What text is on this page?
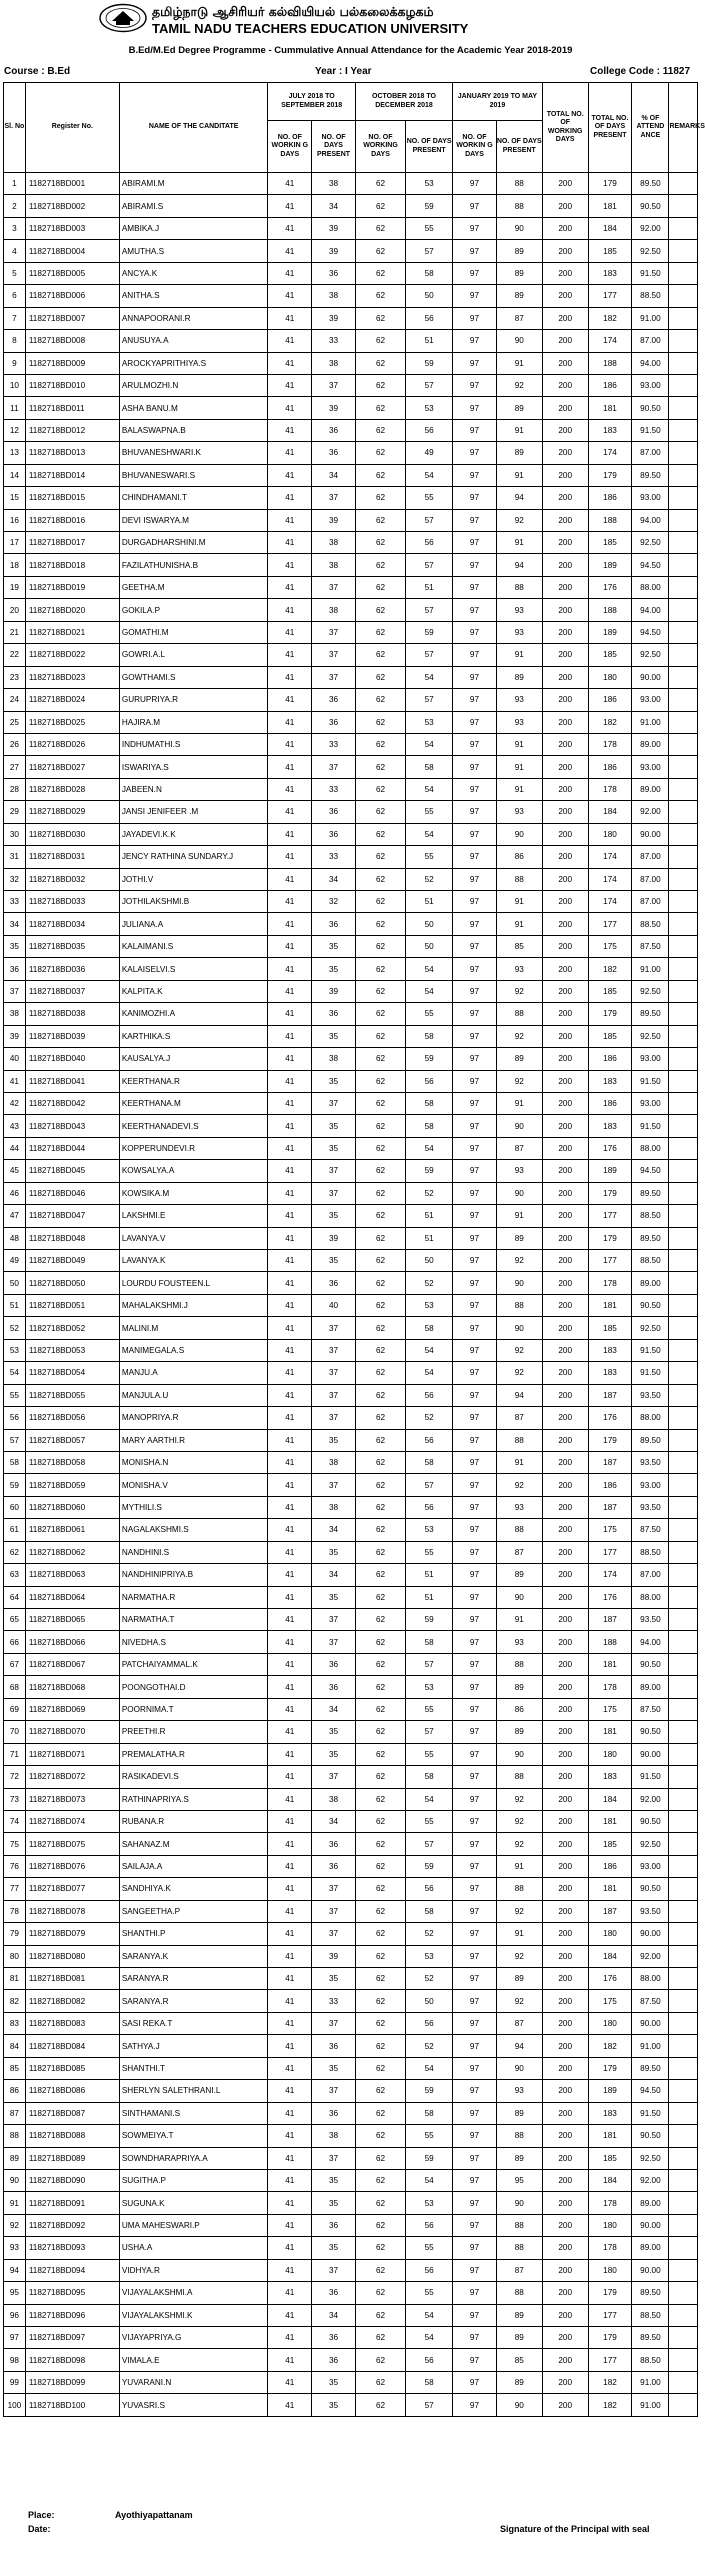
தமிழ்நாடு ஆசிரியர் கல்வியியல் பல்கலைக்கழகம்
TAMIL NADU TEACHERS EDUCATION UNIVERSITY
B.Ed/M.Ed Degree Programme - Cummulative Annual Attendance for the Academic Year 2018-2019
Course : B.Ed	Year : I Year	College Code : 11827
Sl. No	Register No.	NAME OF THE CANDITATE	JULY 2018 TO SEPTEMBER 2018		OCTOBER 2018 TO DECEMBER 2018		JANUARY 2019 TO MAY 2019		TOTAL NO. OF WORKING DAYS	TOTAL NO. OF DAYS PRESENT	% OF ATTEND ANCE	REMARKS
			NO. OF WORKIN G DAYS	NO. OF DAYS PRESENT	NO. OF WORKING DAYS	NO. OF DAYS PRESENT	NO. OF WORKIN G DAYS	NO. OF DAYS PRESENT				
1	1182718BD001	ABIRAMI.M	41	38	62	53	97	88	200	179	89.50	
2	1182718BD002	ABIRAMI.S	41	34	62	59	97	88	200	181	90.50	
3	1182718BD003	AMBIKA.J	41	39	62	55	97	90	200	184	92.00	
4	1182718BD004	AMUTHA.S	41	39	62	57	97	89	200	185	92.50	
5	1182718BD005	ANCYA.K	41	36	62	58	97	89	200	183	91.50	
6	1182718BD006	ANITHA.S	41	38	62	50	97	89	200	177	88.50	
7	1182718BD007	ANNAPOORANI.R	41	39	62	56	97	87	200	182	91.00	
8	1182718BD008	ANUSUYA.A	41	33	62	51	97	90	200	174	87.00	
9	1182718BD009	AROCKYAPRITHIYA.S	41	38	62	59	97	91	200	188	94.00	
10	1182718BD010	ARULMOZHI.N	41	37	62	57	97	92	200	186	93.00	
11	1182718BD011	ASHA BANU.M	41	39	62	53	97	89	200	181	90.50	
12	1182718BD012	BALASWAPNA.B	41	36	62	56	97	91	200	183	91.50	
13	1182718BD013	BHUVANESHWARI.K	41	36	62	49	97	89	200	174	87.00	
14	1182718BD014	BHUVANESWARI.S	41	34	62	54	97	91	200	179	89.50	
15	1182718BD015	CHINDHAMANI.T	41	37	62	55	97	94	200	186	93.00	
16	1182718BD016	DEVI ISWARYA.M	41	39	62	57	97	92	200	188	94.00	
17	1182718BD017	DURGADHARSHINI.M	41	38	62	56	97	91	200	185	92.50	
18	1182718BD018	FAZILATHUNISHA.B	41	38	62	57	97	94	200	189	94.50	
19	1182718BD019	GEETHA.M	41	37	62	51	97	88	200	176	88.00	
20	1182718BD020	GOKILA.P	41	38	62	57	97	93	200	188	94.00	
21	1182718BD021	GOMATHI.M	41	37	62	59	97	93	200	189	94.50	
22	1182718BD022	GOWRI.A.L	41	37	62	57	97	91	200	185	92.50	
23	1182718BD023	GOWTHAMI.S	41	37	62	54	97	89	200	180	90.00	
24	1182718BD024	GURUPRIYA.R	41	36	62	57	97	93	200	186	93.00	
25	1182718BD025	HAJIRA.M	41	36	62	53	97	93	200	182	91.00	
26	1182718BD026	INDHUMATHI.S	41	33	62	54	97	91	200	178	89.00	
27	1182718BD027	ISWARIYA.S	41	37	62	58	97	91	200	186	93.00	
28	1182718BD028	JABEEN.N	41	33	62	54	97	91	200	178	89.00	
29	1182718BD029	JANSI JENIFEER .M	41	36	62	55	97	93	200	184	92.00	
30	1182718BD030	JAYADEVI.K.K	41	36	62	54	97	90	200	180	90.00	
31	1182718BD031	JENCY RATHINA SUNDARY.J	41	33	62	55	97	86	200	174	87.00	
32	1182718BD032	JOTHI.V	41	34	62	52	97	88	200	174	87.00	
33	1182718BD033	JOTHILAKSHMI.B	41	32	62	51	97	91	200	174	87.00	
34	1182718BD034	JULIANA.A	41	36	62	50	97	91	200	177	88.50	
35	1182718BD035	KALAIMANI.S	41	35	62	50	97	85	200	175	87.50	
36	1182718BD036	KALAISELVI.S	41	35	62	54	97	93	200	182	91.00	
37	1182718BD037	KALPITA.K	41	39	62	54	97	92	200	185	92.50	
38	1182718BD038	KANIMOZHI.A	41	36	62	55	97	88	200	179	89.50	
39	1182718BD039	KARTHIKA.S	41	35	62	58	97	92	200	185	92.50	
40	1182718BD040	KAUSALYA.J	41	38	62	59	97	89	200	186	93.00	
41	1182718BD041	KEERTHANA.R	41	35	62	56	97	92	200	183	91.50	
42	1182718BD042	KEERTHANA.M	41	37	62	58	97	91	200	186	93.00	
43	1182718BD043	KEERTHANADEVI.S	41	35	62	58	97	90	200	183	91.50	
44	1182718BD044	KOPPERUNDEVI.R	41	35	62	54	97	87	200	176	88.00	
45	1182718BD045	KOWSALYA.A	41	37	62	59	97	93	200	189	94.50	
46	1182718BD046	KOWSIKA.M	41	37	62	52	97	90	200	179	89.50	
47	1182718BD047	LAKSHMI.E	41	35	62	51	97	91	200	177	88.50	
48	1182718BD048	LAVANYA.V	41	39	62	51	97	89	200	179	89.50	
49	1182718BD049	LAVANYA.K	41	35	62	50	97	92	200	177	88.50	
50	1182718BD050	LOURDU FOUSTEEN.L	41	36	62	52	97	90	200	178	89.00	
51	1182718BD051	MAHALAKSHMI.J	41	40	62	53	97	88	200	181	90.50	
52	1182718BD052	MALINI.M	41	37	62	58	97	90	200	185	92.50	
53	1182718BD053	MANIMEGALA.S	41	37	62	54	97	92	200	183	91.50	
54	1182718BD054	MANJU.A	41	37	62	54	97	92	200	183	91.50	
55	1182718BD055	MANJULA.U	41	37	62	56	97	94	200	187	93.50	
56	1182718BD056	MANOPRIYA.R	41	37	62	52	97	87	200	176	88.00	
57	1182718BD057	MARY AARTHI.R	41	35	62	56	97	88	200	179	89.50	
58	1182718BD058	MONISHA.N	41	38	62	58	97	91	200	187	93.50	
59	1182718BD059	MONISHA.V	41	37	62	57	97	92	200	186	93.00	
60	1182718BD060	MYTHILI.S	41	38	62	56	97	93	200	187	93.50	
61	1182718BD061	NAGALAKSHMI.S	41	34	62	53	97	88	200	175	87.50	
62	1182718BD062	NANDHINI.S	41	35	62	55	97	87	200	177	88.50	
63	1182718BD063	NANDHINIPRIYA.B	41	34	62	51	97	89	200	174	87.00	
64	1182718BD064	NARMATHA.R	41	35	62	51	97	90	200	176	88.00	
65	1182718BD065	NARMATHA.T	41	37	62	59	97	91	200	187	93.50	
66	1182718BD066	NIVEDHA.S	41	37	62	58	97	93	200	188	94.00	
67	1182718BD067	PATCHAIYAMMAL.K	41	36	62	57	97	88	200	181	90.50	
68	1182718BD068	POONGOTHAI.D	41	36	62	53	97	89	200	178	89.00	
69	1182718BD069	POORNIMA.T	41	34	62	55	97	86	200	175	87.50	
70	1182718BD070	PREETHI.R	41	35	62	57	97	89	200	181	90.50	
71	1182718BD071	PREMALATHA.R	41	35	62	55	97	90	200	180	90.00	
72	1182718BD072	RASIKADEVI.S	41	37	62	58	97	88	200	183	91.50	
73	1182718BD073	RATHINAPRIYA.S	41	38	62	54	97	92	200	184	92.00	
74	1182718BD074	RUBANA.R	41	34	62	55	97	92	200	181	90.50	
75	1182718BD075	SAHANAZ.M	41	36	62	57	97	92	200	185	92.50	
76	1182718BD076	SAILAJA.A	41	36	62	59	97	91	200	186	93.00	
77	1182718BD077	SANDHIYA.K	41	37	62	56	97	88	200	181	90.50	
78	1182718BD078	SANGEETHA.P	41	37	62	58	97	92	200	187	93.50	
79	1182718BD079	SHANTHI.P	41	37	62	52	97	91	200	180	90.00	
80	1182718BD080	SARANYA.K	41	39	62	53	97	92	200	184	92.00	
81	1182718BD081	SARANYA.R	41	35	62	52	97	89	200	176	88.00	
82	1182718BD082	SARANYA.R	41	33	62	50	97	92	200	175	87.50	
83	1182718BD083	SASI REKA.T	41	37	62	56	97	87	200	180	90.00	
84	1182718BD084	SATHYA.J	41	36	62	52	97	94	200	182	91.00	
85	1182718BD085	SHANTHI.T	41	35	62	54	97	90	200	179	89.50	
86	1182718BD086	SHERLYN SALETHRANI.L	41	37	62	59	97	93	200	189	94.50	
87	1182718BD087	SINTHAMANI.S	41	36	62	58	97	89	200	183	91.50	
88	1182718BD088	SOWMEIYA.T	41	38	62	55	97	88	200	181	90.50	
89	1182718BD089	SOWNDHARAPRIYA.A	41	37	62	59	97	89	200	185	92.50	
90	1182718BD090	SUGITHA.P	41	35	62	54	97	95	200	184	92.00	
91	1182718BD091	SUGUNA.K	41	35	62	53	97	90	200	178	89.00	
92	1182718BD092	UMA MAHESWARI.P	41	36	62	56	97	88	200	180	90.00	
93	1182718BD093	USHA.A	41	35	62	55	97	88	200	178	89.00	
94	1182718BD094	VIDHYA.R	41	37	62	56	97	87	200	180	90.00	
95	1182718BD095	VIJAYALAKSHMI.A	41	36	62	55	97	88	200	179	89.50	
96	1182718BD096	VIJAYALAKSHMI.K	41	34	62	54	97	89	200	177	88.50	
97	1182718BD097	VIJAYAPRIYA.G	41	36	62	54	97	89	200	179	89.50	
98	1182718BD098	VIMALA.E	41	36	62	56	97	85	200	177	88.50	
99	1182718BD099	YUVARANI.N	41	35	62	58	97	89	200	182	91.00	
100	1182718BD100	YUVASRI.S	41	35	62	57	97	90	200	182	91.00	
Place:	Ayothiyapattanam
Date:	Signature of the Principal with seal
